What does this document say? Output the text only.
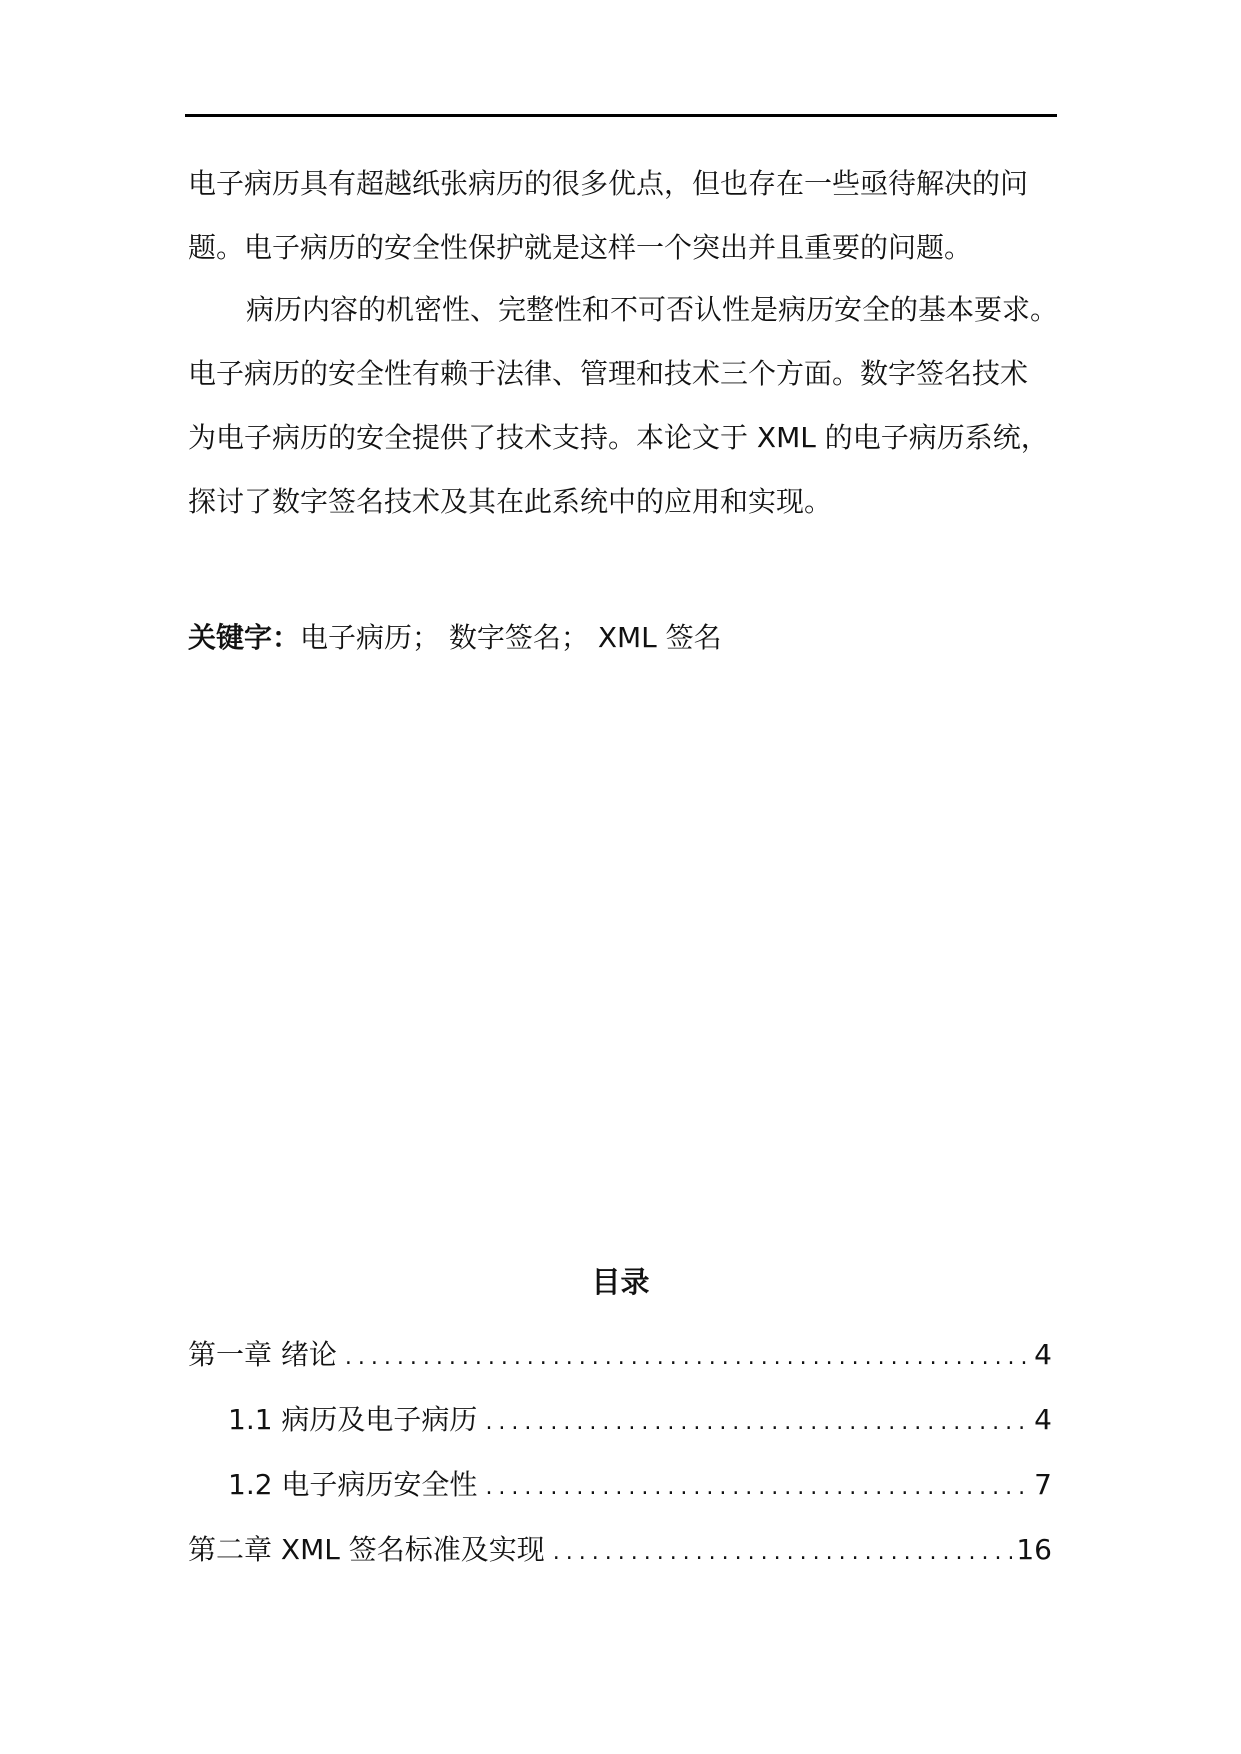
电子病历具有超越纸张病历的很多优点，但也存在一些亟待解决的问
题。电子病历的安全性保护就是这样一个突出并且重要的问题。

病历内容的机密性、完整性和不可否认性是病历安全的基本要求。
电子病历的安全性有赖于法律、管理和技术三个方面。数字签名技术
为电子病历的安全提供了技术支持。本论文于 XML 的电子病历系统，
探讨了数字签名技术及其在此系统中的应用和实现。

关键字：电子病历； 数字签名； XML 签名
目录
第一章 绪论 .....	4
1.1 病历及电子病历 .....	4
1.2 电子病历安全性 .....	7
第二章 XML 签名标准及实现 .....	16
